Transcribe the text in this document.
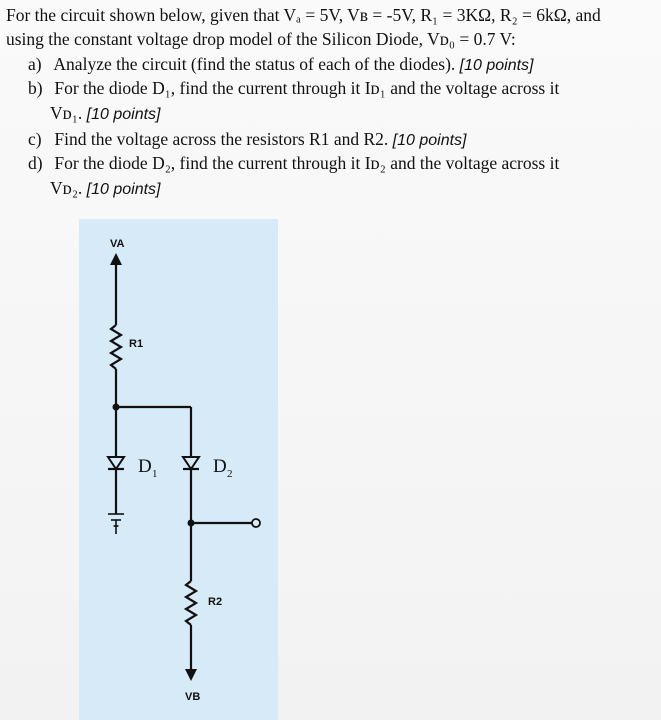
For the circuit shown below, given that Vₐ = 5V, Vʙ = -5V, R₁ = 3KΩ, R₂ = 6kΩ, and
using the constant voltage drop model of the Silicon Diode, Vᴅ₀ = 0.7 V:
a) Analyze the circuit (find the status of each of the diodes). [10 points]
b) For the diode D₁, find the current through it Iᴅ₁ and the voltage across it
Vᴅ₁. [10 points]
c) Find the voltage across the resistors R1 and R2. [10 points]
d) For the diode D₂, find the current through it Iᴅ₂ and the voltage across it
Vᴅ₂. [10 points]
VA
R1
D 1	D 2
R2
VB
